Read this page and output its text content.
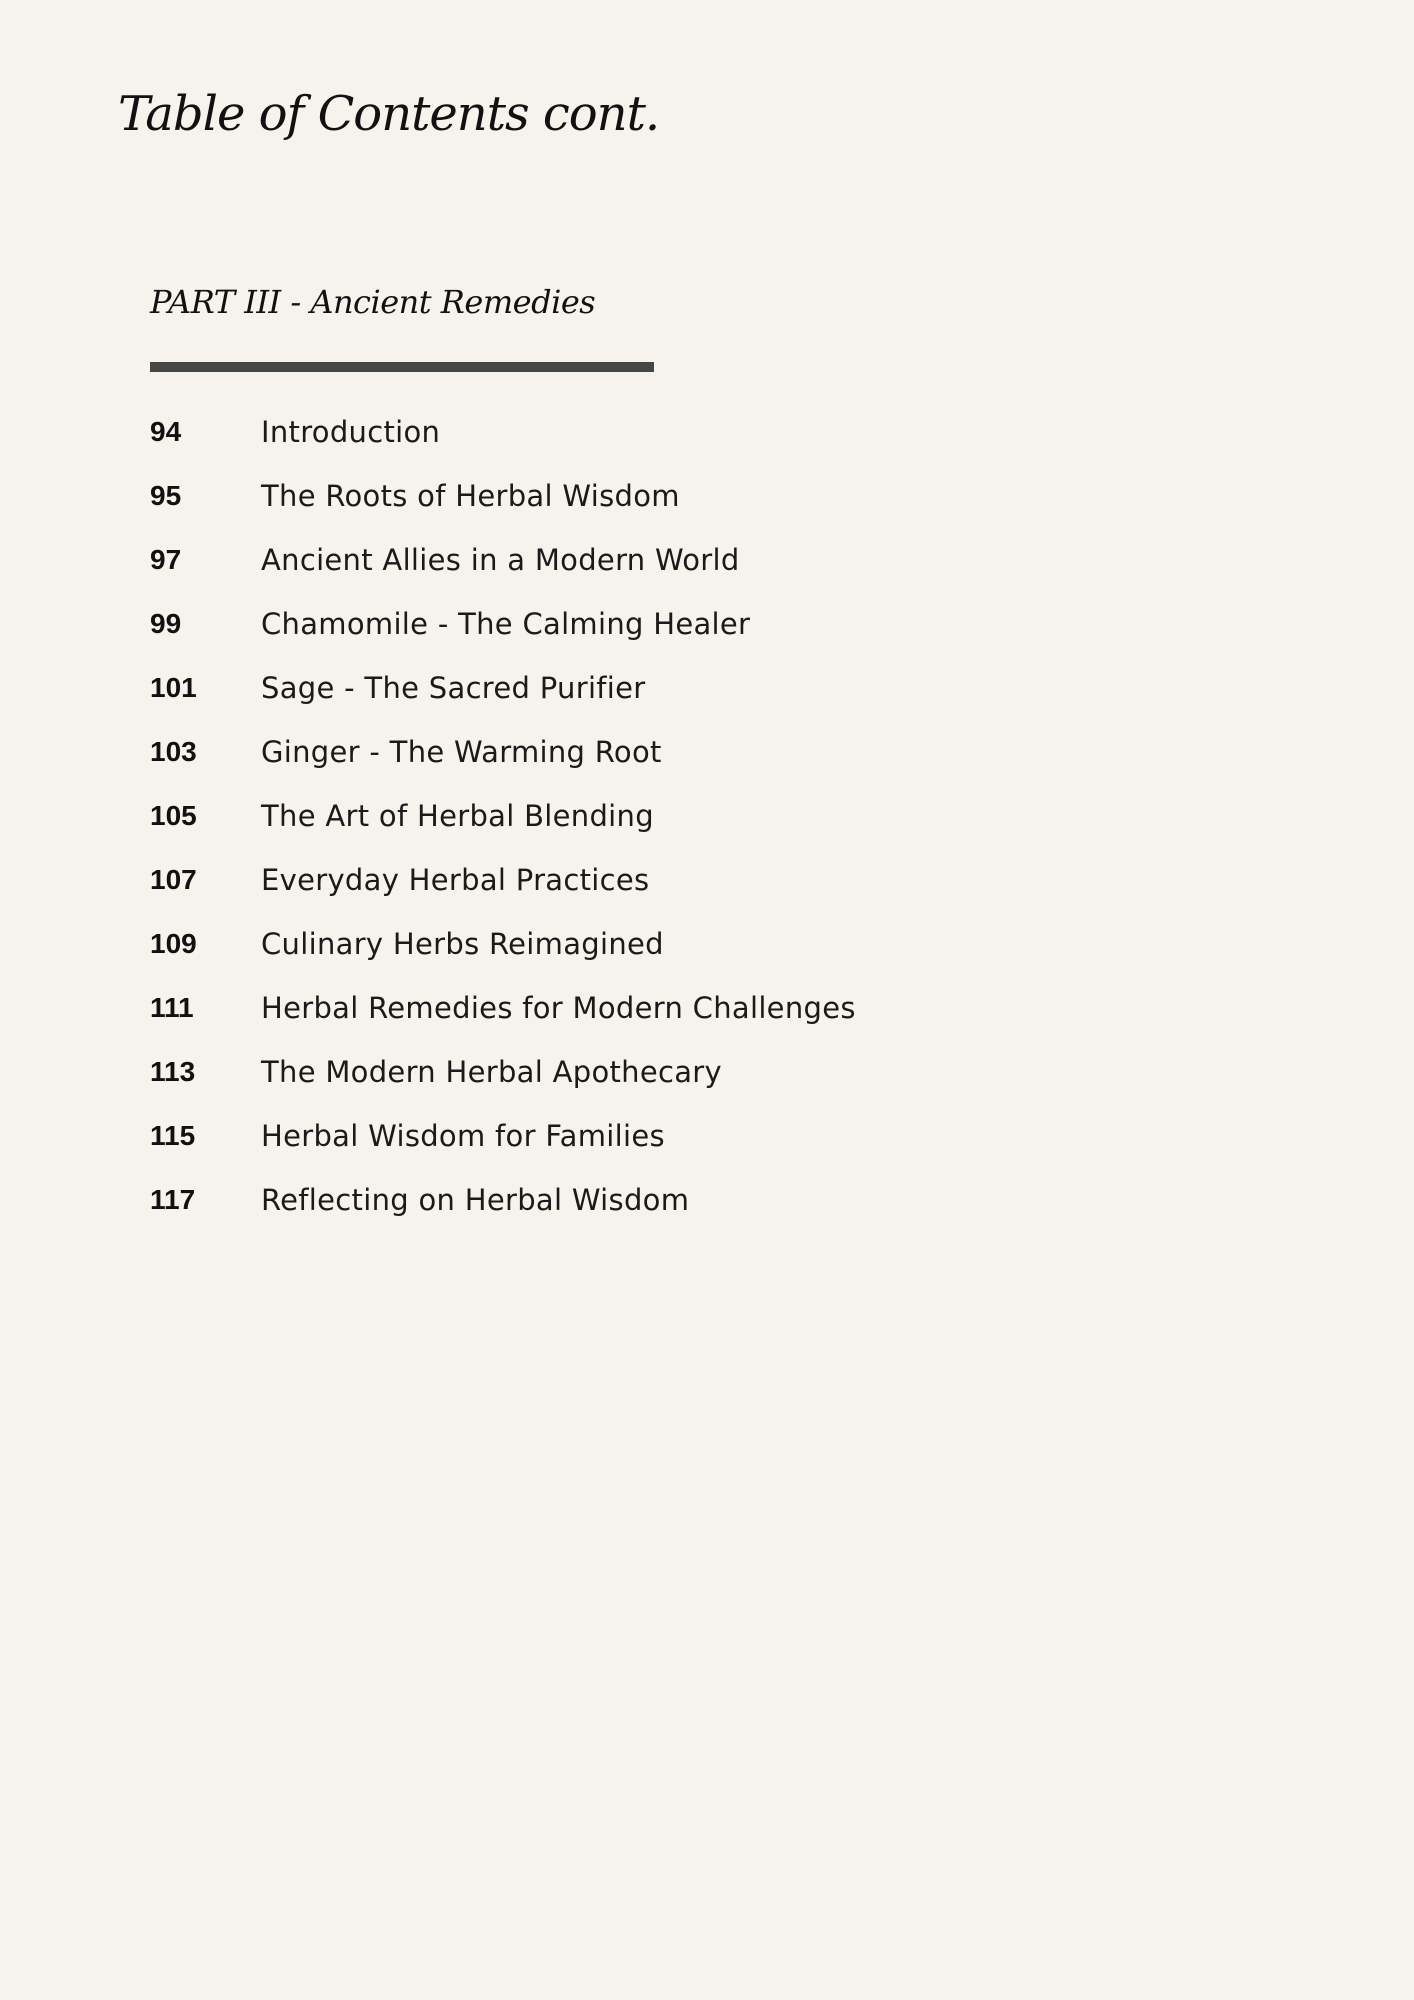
Table of Contents cont.
PART III - Ancient Remedies
94	Introduction
95	The Roots of Herbal Wisdom
97	Ancient Allies in a Modern World
99	Chamomile - The Calming Healer
101	Sage - The Sacred Purifier
103	Ginger - The Warming Root
105	The Art of Herbal Blending
107	Everyday Herbal Practices
109	Culinary Herbs Reimagined
111	Herbal Remedies for Modern Challenges
113	The Modern Herbal Apothecary
115	Herbal Wisdom for Families
117	Reflecting on Herbal Wisdom
